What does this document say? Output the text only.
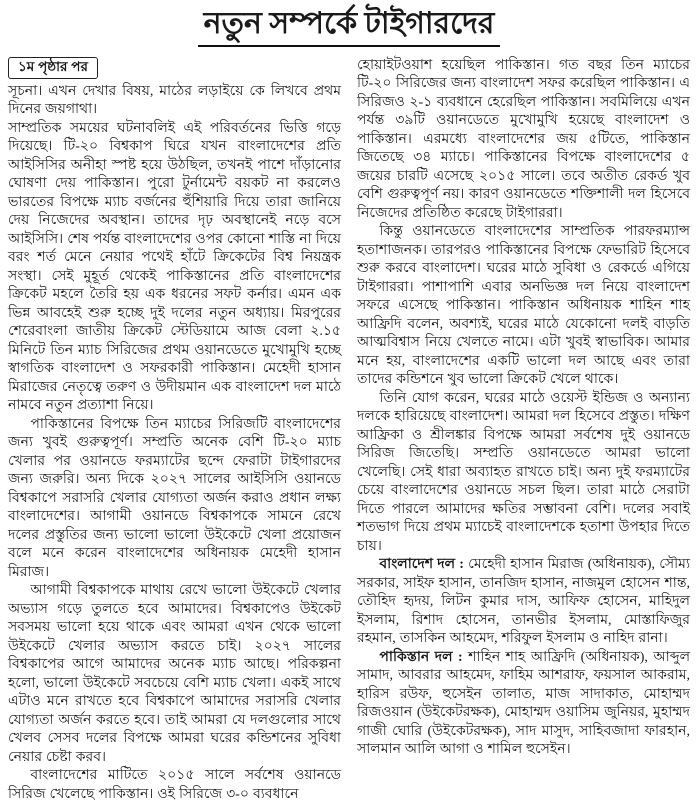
নতুন সম্পর্কে টাইগারদের
১ম পৃষ্ঠার পর

সূচনা। এখন দেখার বিষয়, মাঠের লড়াইয়ে কে লিখবে প্রথম দিনের জয়গাথা।

সাম্প্রতিক সময়ের ঘটনাবলিই এই পরিবর্তনের ভিত্তি গড়ে দিয়েছে। টি-২০ বিশ্বকাপ ঘিরে যখন বাংলাদেশের প্রতি আইসিসির অনীহা স্পষ্ট হয়ে উঠছিল, তখনই পাশে দাঁড়ানোর ঘোষণা দেয় পাকিস্তান। পুরো টুর্নামেন্ট বয়কট না করলেও ভারতের বিপক্ষে ম্যাচ বর্জনের হুঁশিয়ারি দিয়ে তারা জানিয়ে দেয় নিজেদের অবস্থান। তাদের দৃঢ় অবস্থানেই নড়ে বসে আইসিসি। শেষ পর্যন্ত বাংলাদেশের ওপর কোনো শাস্তি না দিয়ে বরং শর্ত মেনে নেয়ার পথেই হাঁটে ক্রিকেটের বিশ্ব নিয়ন্ত্রক সংস্থা। সেই মুহূর্ত থেকেই পাকিস্তানের প্রতি বাংলাদেশের ক্রিকেট মহলে তৈরি হয় এক ধরনের সফট কর্নার। এমন এক ভিন্ন আবহেই শুরু হচ্ছে দুই দলের নতুন অধ্যায়। মিরপুরের শেরেবাংলা জাতীয় ক্রিকেট স্টেডিয়ামে আজ বেলা ২.১৫ মিনিটে তিন ম্যাচ সিরিজের প্রথম ওয়ানডেতে মুখোমুখি হচ্ছে স্বাগতিক বাংলাদেশ ও সফরকারী পাকিস্তান। মেহেদী হাসান মিরাজের নেতৃত্বে তরুণ ও উদীয়মান এক বাংলাদেশ দল মাঠে নামবে নতুন প্রত্যাশা নিয়ে।

পাকিস্তানের বিপক্ষে তিন ম্যাচের সিরিজটি বাংলাদেশের জন্য খুবই গুরুত্বপূর্ণ। সম্প্রতি অনেক বেশি টি-২০ ম্যাচ খেলার পর ওয়ানডে ফরম্যাটের ছন্দে ফেরাটা টাইগারদের জন্য জরুরি। অন্য দিকে ২০২৭ সালের আইসিসি ওয়ানডে বিশ্বকাপে সরাসরি খেলার যোগ্যতা অর্জন করাও প্রধান লক্ষ্য বাংলাদেশের। আগামী ওয়ানডে বিশ্বকাপকে সামনে রেখে দলের প্রস্তুতির জন্য ভালো ভালো উইকেটে খেলা প্রয়োজন বলে মনে করেন বাংলাদেশের অধিনায়ক মেহেদী হাসান মিরাজ।

আগামী বিশ্বকাপকে মাথায় রেখে ভালো উইকেটে খেলার অভ্যাস গড়ে তুলতে হবে আমাদের। বিশ্বকাপেও উইকেট সবসময় ভালো হয়ে থাকে এবং আমরা এখন থেকে ভালো উইকেটে খেলার অভ্যাস করতে চাই। ২০২৭ সালের বিশ্বকাপের আগে আমাদের অনেক ম্যাচ আছে। পরিকল্পনা হলো, ভালো উইকেটে সবচেয়ে বেশি ম্যাচ খেলা। একই সাথে এটাও মনে রাখতে হবে বিশ্বকাপে আমাদের সরাসরি খেলার যোগ্যতা অর্জন করতে হবে। তাই আমরা যে দলগুলোর সাথে খেলব সেসব দলের বিপক্ষে আমরা ঘরের কন্ডিশনের সুবিধা নেয়ার চেষ্টা করব।

বাংলাদেশের মাটিতে ২০১৫ সালে সর্বশেষ ওয়ানডে সিরিজ খেলেছে পাকিস্তান। ওই সিরিজে ৩-০ ব্যবধানে

হোয়াইটওয়াশ হয়েছিল পাকিস্তান। গত বছর তিন ম্যাচের টি-২০ সিরিজের জন্য বাংলাদেশ সফর করেছিল পাকিস্তান। এ সিরিজও ২-১ ব্যবধানে হেরেছিল পাকিস্তান। সবমিলিয়ে এখন পর্যন্ত ৩৯টি ওয়ানডেতে মুখোমুখি হয়েছে বাংলাদেশ ও পাকিস্তান। এরমধ্যে বাংলাদেশের জয় ৫টিতে, পাকিস্তান জিতেছে ৩৪ ম্যাচে। পাকিস্তানের বিপক্ষে বাংলাদেশের ৫ জয়ের চারটি এসেছে ২০১৫ সালে। তবে অতীত রেকর্ড খুব বেশি গুরুত্বপূর্ণ নয়। কারণ ওয়ানডেতে শক্তিশালী দল হিসেবে নিজেদের প্রতিষ্ঠিত করেছে টাইগাররা।

কিন্তু ওয়ানডেতে বাংলাদেশের সাম্প্রতিক পারফরম্যান্স হতাশাজনক। তারপরও পাকিস্তানের বিপক্ষে ফেভারিট হিসেবে শুরু করবে বাংলাদেশ। ঘরের মাঠে সুবিধা ও রেকর্ডে এগিয়ে টাইগাররা। পাশাপাশি এবার অনভিজ্ঞ দল নিয়ে বাংলাদেশ সফরে এসেছে পাকিস্তান। পাকিস্তান অধিনায়ক শাহিন শাহ আফ্রিদি বলেন, অবশ্যই, ঘরের মাঠে যেকোনো দলই বাড়তি আত্মবিশ্বাস নিয়ে খেলতে নামে। এটা খুবই স্বাভাবিক। আমার মনে হয়, বাংলাদেশের একটি ভালো দল আছে এবং তারা তাদের কন্ডিশনে খুব ভালো ক্রিকেট খেলে থাকে।

তিনি যোগ করেন, ঘরের মাঠে ওয়েস্ট ইন্ডিজ ও অন্যান্য দলকে হারিয়েছে বাংলাদেশ। আমরা দল হিসেবে প্রস্তুত। দক্ষিণ আফ্রিকা ও শ্রীলঙ্কার বিপক্ষে আমরা সর্বশেষ দুই ওয়ানডে সিরিজ জিতেছি। সম্প্রতি ওয়ানডেতে আমরা ভালো খেলেছি। সেই ধারা অব্যাহত রাখতে চাই। অন্য দুই ফরম্যাটের চেয়ে বাংলাদেশের ওয়ানডে সচল ছিল। তারা মাঠে সেরাটা দিতে পারলে আমাদের ক্ষতির সম্ভাবনা বেশি। দলের সবাই শতভাগ দিয়ে প্রথম ম্যাচেই বাংলাদেশকে হতাশা উপহার দিতে চায়।

বাংলাদেশ দল : মেহেদী হাসান মিরাজ (অধিনায়ক), সৌম্য সরকার, সাইফ হাসান, তানজিদ হাসান, নাজমুল হোসেন শান্ত, তৌহিদ হৃদয়, লিটন কুমার দাস, আফিফ হোসেন, মাহিদুল ইসলাম, রিশাদ হোসেন, তানভীর ইসলাম, মোস্তাফিজুর রহমান, তাসকিন আহমেদ, শরিফুল ইসলাম ও নাহিদ রানা।

পাকিস্তান দল : শাহিন শাহ আফ্রিদি (অধিনায়ক), আব্দুল সামাদ, আবরার আহমেদ, ফাহিম আশরাফ, ফয়সাল আকরাম, হারিস রউফ, হুসেইন তালাত, মাজ সাদাকাত, মোহাম্মদ রিজওয়ান (উইকেটরক্ষক), মোহাম্মদ ওয়াসিম জুনিয়র, মুহাম্মদ গাজী ঘোরি (উইকেটরক্ষক), সাদ মাসুদ, সাহিবজাদা ফারহান, সালমান আলি আগা ও শামিল হুসেইন।
